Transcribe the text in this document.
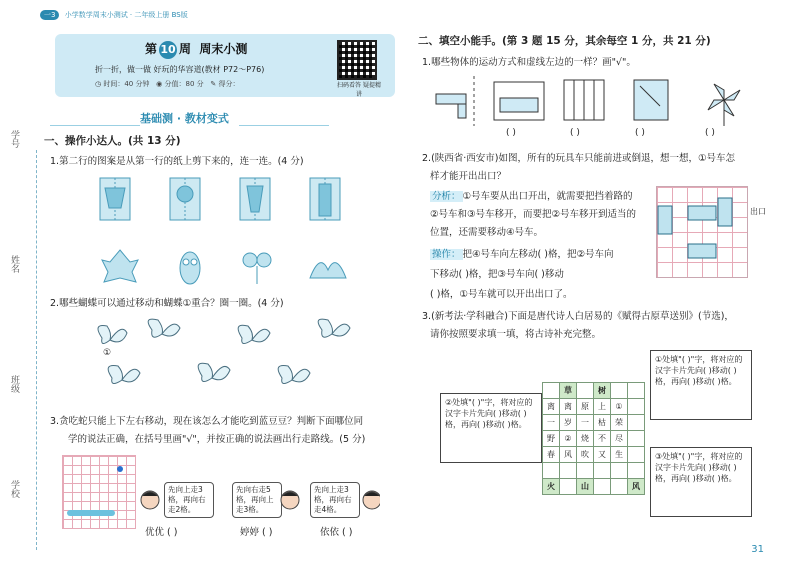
一3 小学数学周末小测试 · 二年级上册 BS版
学号
姓名
班级
学校
第 10 周 周末小测
折一折，做一做 好玩的华容道(教材 P72～P76)
◷ 时间：40 分钟 ◉ 分值：80 分 ✎ 得分：	扫码看答 疑提精讲
基础测 · 教材变式
一、操作小达人。(共 13 分)
1.第二行的图案是从第一行的纸上剪下来的，连一连。(4 分)
2.哪些蝴蝶可以通过移动和蝴蝶①重合？圈一圈。(4 分)
①
3.贪吃蛇只能上下左右移动，现在该怎么才能吃到蓝豆豆？判断下面哪位同
学的说法正确，在括号里画"√"，并按正确的说法画出行走路线。(5 分)
先向上走3格，再向右走2格。
先向右走5格，再向上走3格。
先向上走3格，再向右走4格。
优优 ( )	婷婷 ( )	依依 ( )
二、填空小能手。(第 3 题 15 分，其余每空 1 分，共 21 分)
1.哪些物体的运动方式和虚线左边的一样？画"√"。
( )	( )	( )	( )
2.(陕西省·西安市)如图，所有的玩具车只能前进或倒退，想一想，①号车怎
样才能开出出口？
分析： ①号车要从出口开出，就需要把挡着路的
②号车和③号车移开，而要把②号车移开到适当的
位置，还需要移动④号车。
操作： 把④号车向左移动( )格，把②号车向
下移动( )格，把③号车向( )移动
( )格，①号车就可以开出出口了。
出口
3.(新考法·学科融合)下面是唐代诗人白居易的《赋得古原草送别》(节选)，
请你按照要求填一填，将古诗补充完整。
②处填"( )"字，将对应的汉字卡片先向( )移动( )格，再向( )移动( )格。
①处填"( )"字，将对应的汉字卡片先向( )移动( )格，再向( )移动( )格。
③处填"( )"字，将对应的汉字卡片先向( )移动( )格，再向( )移动( )格。
	草		树		
离	离	原	上	①	
一	岁	一	枯	荣	
野	②	烧	不	尽	
春	风	吹	又	生	

火		山			风
31
